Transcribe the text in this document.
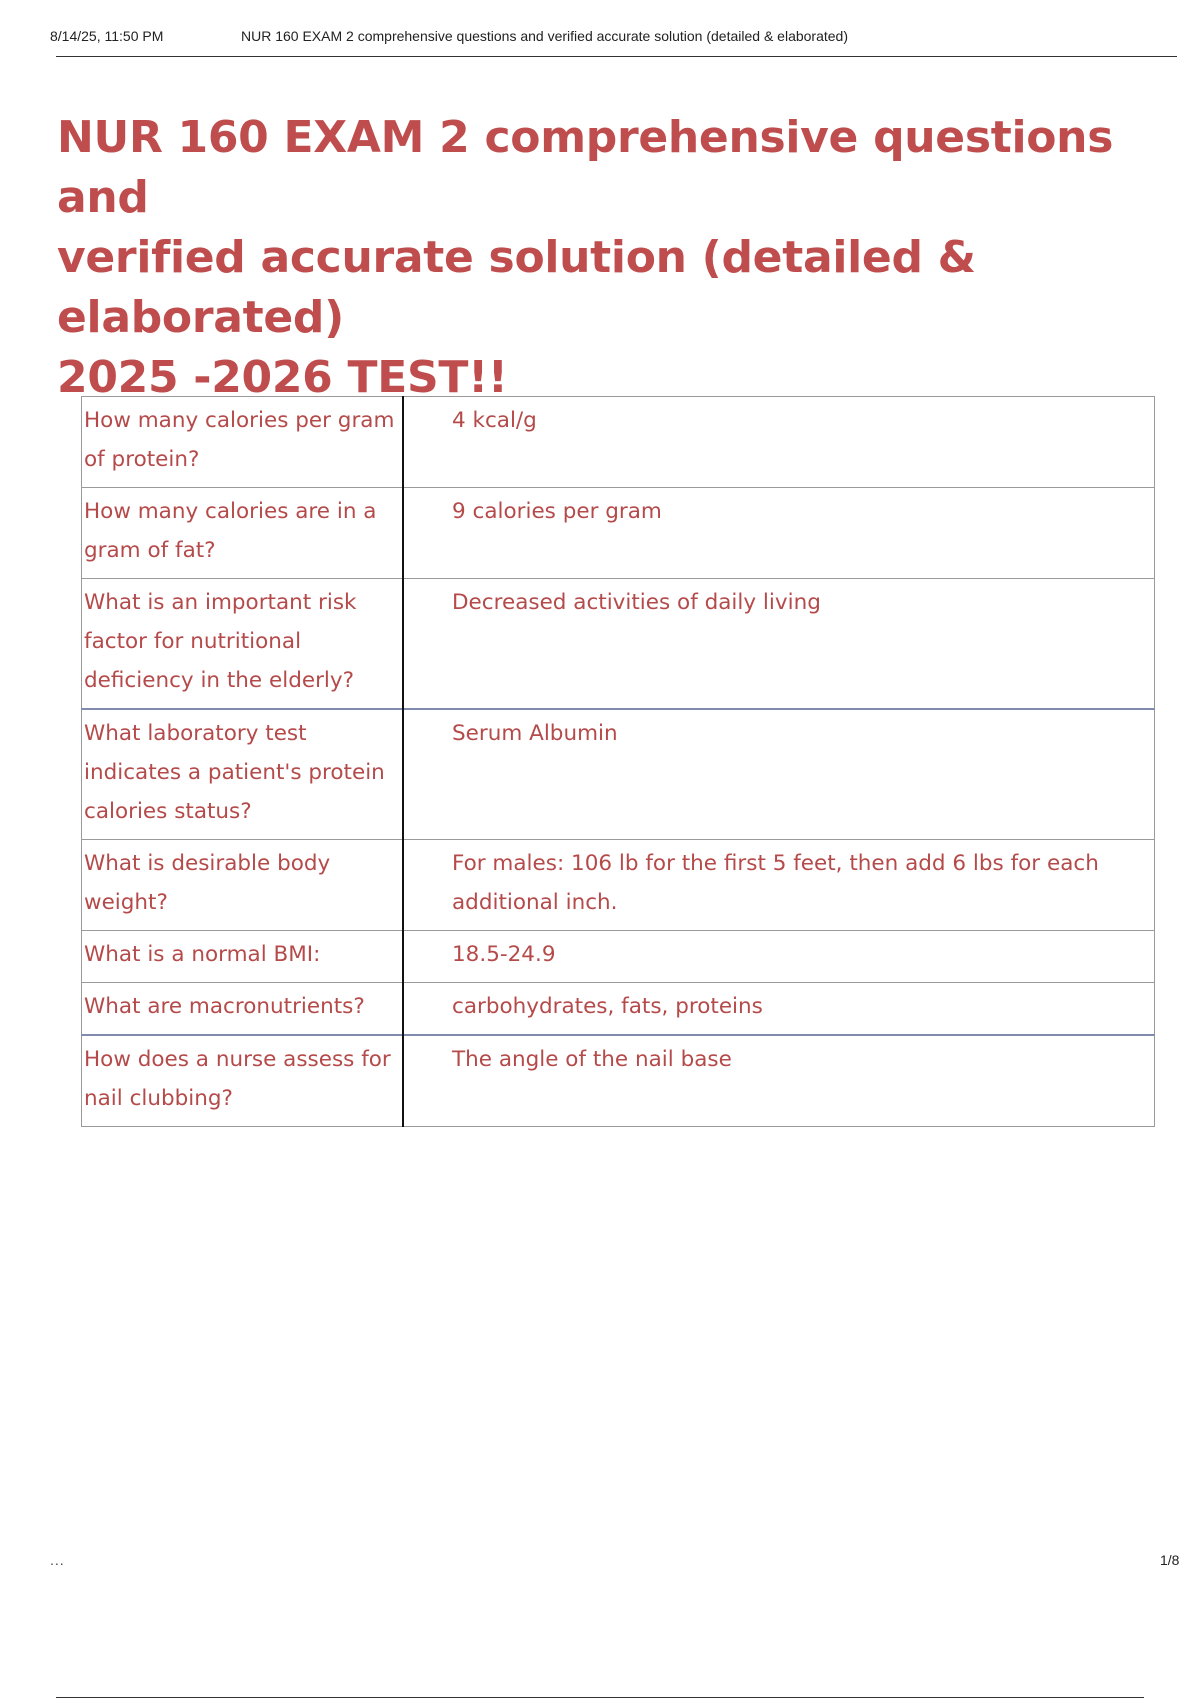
8/14/25, 11:50 PM	NUR 160 EXAM 2 comprehensive questions and verified accurate solution (detailed & elaborated)
NUR 160 EXAM 2 comprehensive questions and
verified accurate solution (detailed & elaborated)
2025 -2026 TEST!!
How many calories per gram of protein?	4 kcal/g
How many calories are in a gram of fat?	9 calories per gram
What is an important risk factor for nutritional deficiency in the elderly?	Decreased activities of daily living
What laboratory test indicates a patient's protein calories status?	Serum Albumin
What is desirable body weight?	For males: 106 lb for the first 5 feet, then add 6 lbs for each additional inch.
What is a normal BMI:	18.5-24.9
What are macronutrients?	carbohydrates, fats, proteins
How does a nurse assess for nail clubbing?	The angle of the nail base
...	1/8
